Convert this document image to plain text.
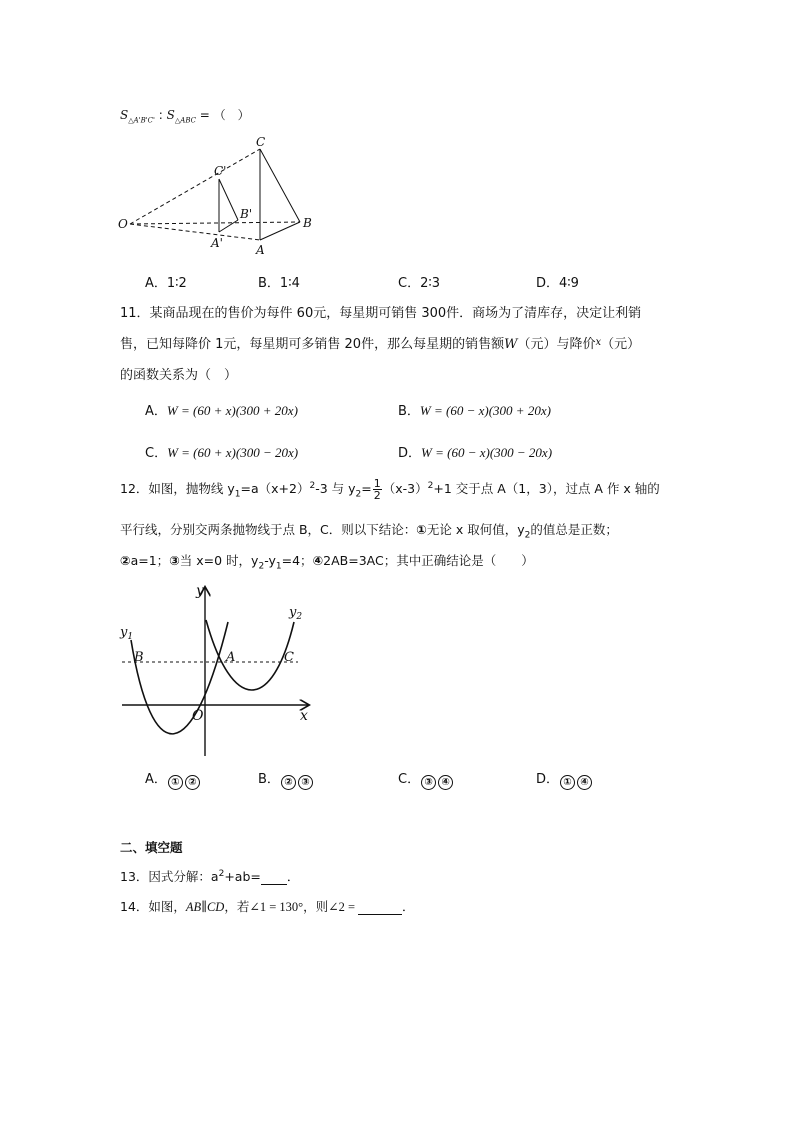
$S_{\triangle A'B'C'}$ : $S_{\triangle ABC}$ = （　）
O
C
B
A
C'
B'
A'
A．1∶2	B．1∶4	C．2∶3	D．4∶9
11．某商品现在的售价为每件 60元，每星期可销售 300件．商场为了清库存，决定让利销
售，已知每降价 1元，每星期可多销售 20件，那么每星期的销售额W（元）与降价$^x$（元）
的函数关系为（　）
A．W = (60 + x)(300 + 20x)	B．W = (60 − x)(300 + 20x)
C．W = (60 + x)(300 − 20x)	D．W = (60 − x)(300 − 20x)
12．如图，抛物线 $y_1=a(x+2)^2-3$ 与 $y_2= \frac{1}{2} (x-3)^2+1$ 交于点 A（1，3），过点 A 作 x 轴的
平行线，分别交两条抛物线于点 B，C．则以下结论：①无论 x 取何值，$y_2$的值总是正数；
②a=1；③当 x=0 时，$y_2-y_1=4$；④2AB=3AC；其中正确结论是（　　）
y
x
O
A
B	C
$y_1$
$y_2$
A． ① ②	B． ② ③	C． ③ ④	D． ① ④
二、填空题
13．因式分解：$a^2+ab=$ ．
14．如图，AB∥CD，若∠1 = 130°，则∠2 =	．
